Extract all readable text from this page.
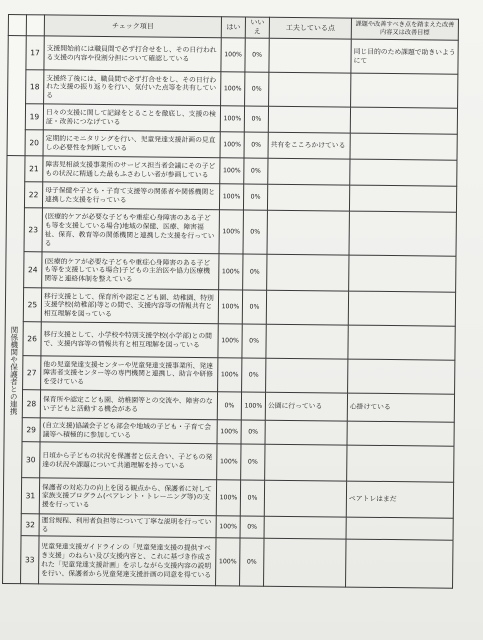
		チェック項目	はい	いいえ	工夫している点	課題や改善すべき点を踏まえた改善内容又は改善目標
	17	支援開始前には職員間で必ず打合せをし、その日行われる支援の内容や役割分担について確認している	100%	0%		同じ目的のため課題で助きいようにて
	18	支援終了後には、職員間で必ず打合せをし、その日行われた支援の振り返りを行い、気付いた点等を共有している	100%	0%		
	19	日々の支援に関して記録をとることを徹底し、支援の検証・改善につなげている	100%	0%		
	20	定期的にモニタリングを行い、児童発達支援計画の見直しの必要性を判断している	100%	0%	共有をこころかけている	
関係機関や保護者との連携	21	障害児相談支援事業所のサービス担当者会議にその子どもの状況に精通した最もふさわしい者が参画している	100%	0%		
	22	母子保健や子ども・子育て支援等の関係者や関係機関と連携した支援を行っている	100%	0%		
	23	(医療的ケアが必要な子どもや重症心身障害のある子ども等を支援している場合)地域の保健、医療、障害福祉、保育、教育等の関係機関と連携した支援を行っている	100%	0%		
	24	(医療的ケアが必要な子どもや重症心身障害のある子ども等を支援している場合)子どもの主治医や協力医療機関等と連絡体制を整えている	100%	0%		
	25	移行支援として、保育所や認定こども園、幼稚園、特別支援学校(幼稚部)等との間で、支援内容等の情報共有と相互理解を図っている	100%	0%		
	26	移行支援として、小学校や特別支援学校(小学部)との間で、支援内容等の情報共有と相互理解を図っている	100%	0%		
	27	他の児童発達支援センターや児童発達支援事業所、発達障害者支援センター等の専門機関と連携し、助言や研修を受けている	100%	0%		
	28	保育所や認定こども園、幼稚園等との交流や、障害のない子どもと活動する機会がある	0%	100%	公園に行っている	心掛けている
	29	(自立支援)協議会子ども部会や地域の子ども・子育て会議等へ積極的に参加している	100%	0%		
	30	日頃から子どもの状況を保護者と伝え合い、子どもの発達の状況や課題について共通理解を持っている	100%	0%		
	31	保護者の対応力の向上を図る観点から、保護者に対して家族支援プログラム(ペアレント・トレーニング等)の支援を行っている	100%	0%		ペアトレはまだ
	32	運営規程、利用者負担等について丁寧な説明を行っている	100%	0%		
	33	児童発達支援ガイドラインの「児童発達支援の提供すべき支援」のねらい及び支援内容と、これに基づき作成された「児童発達支援計画」を示しながら支援内容の説明を行い、保護者から児童発達支援計画の同意を得ている	100%	0%		
